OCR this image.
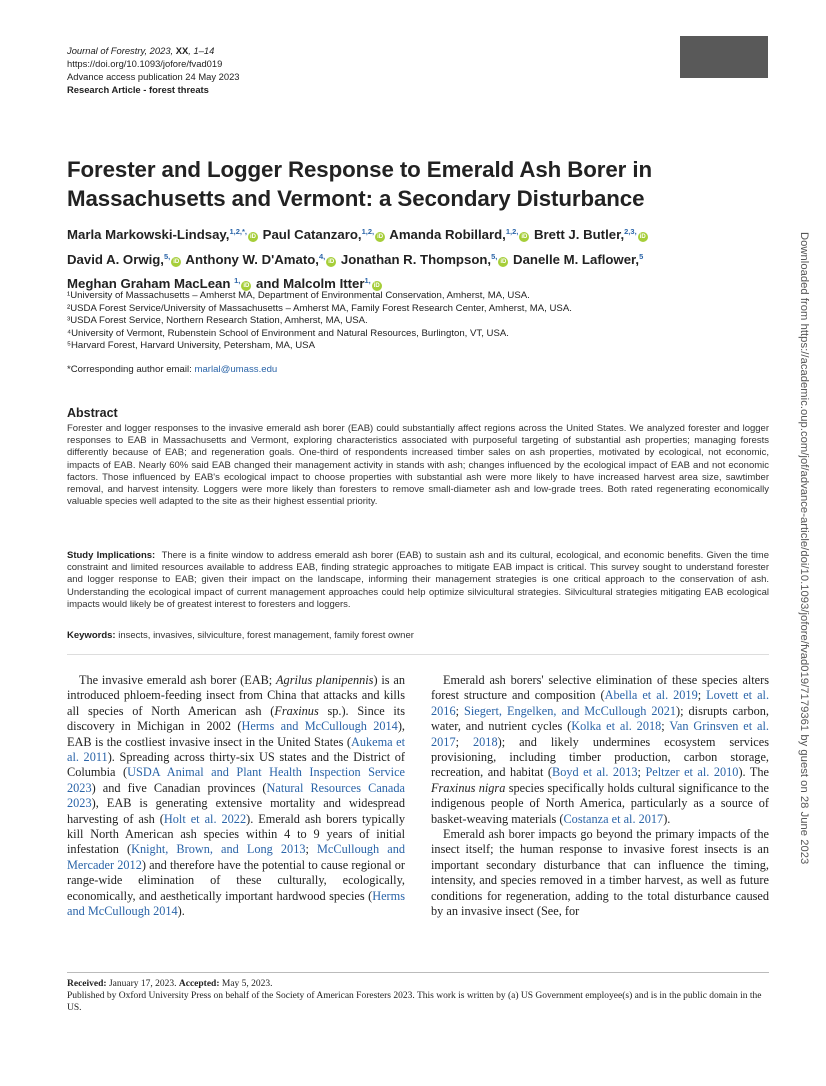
Journal of Forestry, 2023, XX, 1–14
https://doi.org/10.1093/jofore/fvad019
Advance access publication 24 May 2023
Research Article - forest threats	OXFORD
Forester and Logger Response to Emerald Ash Borer in Massachusetts and Vermont: a Secondary Disturbance
Marla Markowski-Lindsay,$^{1,2,*,}$iD Paul Catanzaro,$^{1,2,}$iD Amanda Robillard,$^{1,2,}$iD Brett J. Butler,$^{2,3,}$iD
David A. Orwig,$^{5,}$iD Anthony W. D'Amato,$^{4,}$iD Jonathan R. Thompson,$^{5,}$iD Danelle M. Laflower,$^5$
Meghan Graham MacLean $^{1,}$iD and Malcolm Itter$^{1,}$iD
¹University of Massachusetts – Amherst MA, Department of Environmental Conservation, Amherst, MA, USA.
²USDA Forest Service/University of Massachusetts – Amherst MA, Family Forest Research Center, Amherst, MA, USA.
³USDA Forest Service, Northern Research Station, Amherst, MA, USA.
⁴University of Vermont, Rubenstein School of Environment and Natural Resources, Burlington, VT, USA.
⁵Harvard Forest, Harvard University, Petersham, MA, USA
*Corresponding author email: marlal@umass.edu
Abstract
Forester and logger responses to the invasive emerald ash borer (EAB) could substantially affect regions across the United States. We analyzed forester and logger responses to EAB in Massachusetts and Vermont, exploring characteristics associated with purposeful targeting of substantial ash properties; managing forests differently because of EAB; and regeneration goals. One-third of respondents increased timber sales on ash properties, motivated by ecological, not economic, impacts of EAB. Nearly 60% said EAB changed their management activity in stands with ash; changes influenced by the ecological impact of EAB and not economic factors. Those influenced by EAB's ecological impact to choose properties with substantial ash were more likely to have increased harvest area size, sawtimber removal, and harvest intensity. Loggers were more likely than foresters to remove small-diameter ash and low-grade trees. Both rated regenerating economically valuable species well adapted to the site as their highest essential priority.
Study Implications: There is a finite window to address emerald ash borer (EAB) to sustain ash and its cultural, ecological, and economic benefits. Given the time constraint and limited resources available to address EAB, finding strategic approaches to mitigate EAB impact is critical. This survey sought to understand forester and logger response to EAB; given their impact on the landscape, informing their management strategies is one critical approach to the conservation of ash. Understanding the ecological impact of current management approaches could help optimize silvicultural strategies. Silvicultural strategies mitigating EAB ecological impacts would likely be of greatest interest to foresters and loggers.
Keywords: insects, invasives, silviculture, forest management, family forest owner

The invasive emerald ash borer (EAB; Agrilus planipennis) is an introduced phloem-feeding insect from China that attacks and kills all species of North American ash (Fraxinus sp.). Since its discovery in Michigan in 2002 (Herms and McCullough 2014), EAB is the costliest invasive insect in the United States (Aukema et al. 2011). Spreading across thirty-six US states and the District of Columbia (USDA Animal and Plant Health Inspection Service 2023) and five Canadian provinces (Natural Resources Canada 2023), EAB is generating extensive mortality and widespread harvesting of ash (Holt et al. 2022). Emerald ash borers typically kill North American ash species within 4 to 9 years of initial infestation (Knight, Brown, and Long 2013; McCullough and Mercader 2012) and therefore have the potential to cause regional or range-wide elimination of these culturally, ecologically, economically, and aesthetically important hardwood species (Herms and McCullough 2014).

Emerald ash borers' selective elimination of these species alters forest structure and composition (Abella et al. 2019; Lovett et al. 2016; Siegert, Engelken, and McCullough 2021); disrupts carbon, water, and nutrient cycles (Kolka et al. 2018; Van Grinsven et al. 2017; 2018); and likely undermines ecosystem services provisioning, including timber production, carbon storage, recreation, and habitat (Boyd et al. 2013; Peltzer et al. 2010). The Fraxinus nigra species specifically holds cultural significance to the indigenous people of North America, particularly as a source of basket-weaving materials (Costanza et al. 2017).

Emerald ash borer impacts go beyond the primary impacts of the insect itself; the human response to invasive forest insects is an important secondary disturbance that can influence the timing, intensity, and species removed in a timber harvest, as well as future conditions for regeneration, adding to the total disturbance caused by an invasive insect (See, for

Received: January 17, 2023. Accepted: May 5, 2023.
Published by Oxford University Press on behalf of the Society of American Foresters 2023. This work is written by (a) US Government employee(s) and is in the public domain in the US.
Downloaded from https://academic.oup.com/jof/advance-article/doi/10.1093/jofore/fvad019/7179361 by guest on 28 June 2023
